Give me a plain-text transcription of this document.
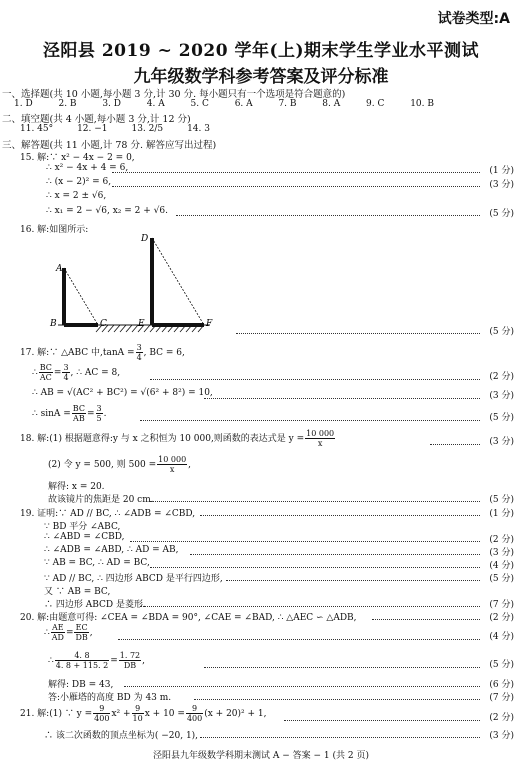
试卷类型:A
泾阳县 2019 ~ 2020 学年(上)期末学生学业水平测试
九年级数学科参考答案及评分标准
一、选择题(共 10 小题,每小题 3 分,计 30 分. 每小题只有一个选项是符合题意的)
1. D	2. B	3. D	4. A	5. C	6. A	7. B	8. A	9. C	10. B
二、填空题(共 4 小题,每小题 3 分,计 12 分)
11. 45°	12. −1	13. 2/5	14. 3
三、解答题(共 11 小题,计 78 分. 解答应写出过程)
15. 解:∵ x² − 4x − 2 = 0,
∴ x² − 4x + 4 = 6,	(1 分)
∴ (x − 2)² = 6,	(3 分)
∴ x = 2 ± √6,
∴ x₁ = 2 − √6, x₂ = 2 + √6.	(5 分)
16. 解:如图所示:
A
B	C
D
E	F
(5 分)
17. 解:∵ △ABC 中$,\tan A = \frac{3}{4}$ , BC = 6,
∴ $\frac{BC}{AC} = \frac{3}{4}$ , ∴ AC = 8,	(2 分)
∴ AB = √(AC² + BC²) = √(6² + 8²) = 10,	(3 分)
∴ $\sin A = \frac{BC}{AB} = \frac{3}{5}$ .	(5 分)
18. 解:(1) 根据题意得:y 与 x 之积恒为 10 000,则函数的表达式是 $y = \frac{10 000}{x}$	(3 分)
(2) 令 y = 500, 则 $500 = \frac{10 000}{x}$ ,
解得: x = 20.
故该镜片的焦距是 20 cm.	(5 分)
19. 证明:∵ AD // BC, ∴ ∠ADB = ∠CBD,	(1 分)
∵ BD 平分 ∠ABC,
∴ ∠ABD = ∠CBD,	(2 分)
∴ ∠ADB = ∠ABD, ∴ AD = AB,	(3 分)
∵ AB = BC, ∴ AD = BC,	(4 分)
∵ AD // BC, ∴ 四边形 ABCD 是平行四边形,	(5 分)
又 ∵ AB = BC,
∴ 四边形 ABCD 是菱形.	(7 分)
20. 解:由题意可得: ∠CEA = ∠BDA = 90°, ∠CAE = ∠BAD, ∴ △AEC ∽ △ADB,	(2 分)
∴ $\frac{AE}{AD} = \frac{EC}{DB}$ ,	(4 分)
∴ $\frac{4. 8}{4. 8 + 115. 2} = \frac{1. 72}{DB}$ ,	(5 分)
解得: DB = 43,	(6 分)
答:小雁塔的高度 BD 为 43 m.	(7 分)
21. 解:(1) ∵ $y = \frac{9}{400} x^2 + \frac{9}{10}$ $x + 10 = \frac{9}{400} (x + 20)^2 + 1$,	(2 分)
∴ 该二次函数的顶点坐标为( −20, 1),	(3 分)
泾阳县九年级数学科期末测试 A − 答案 − 1 (共 2 页)
